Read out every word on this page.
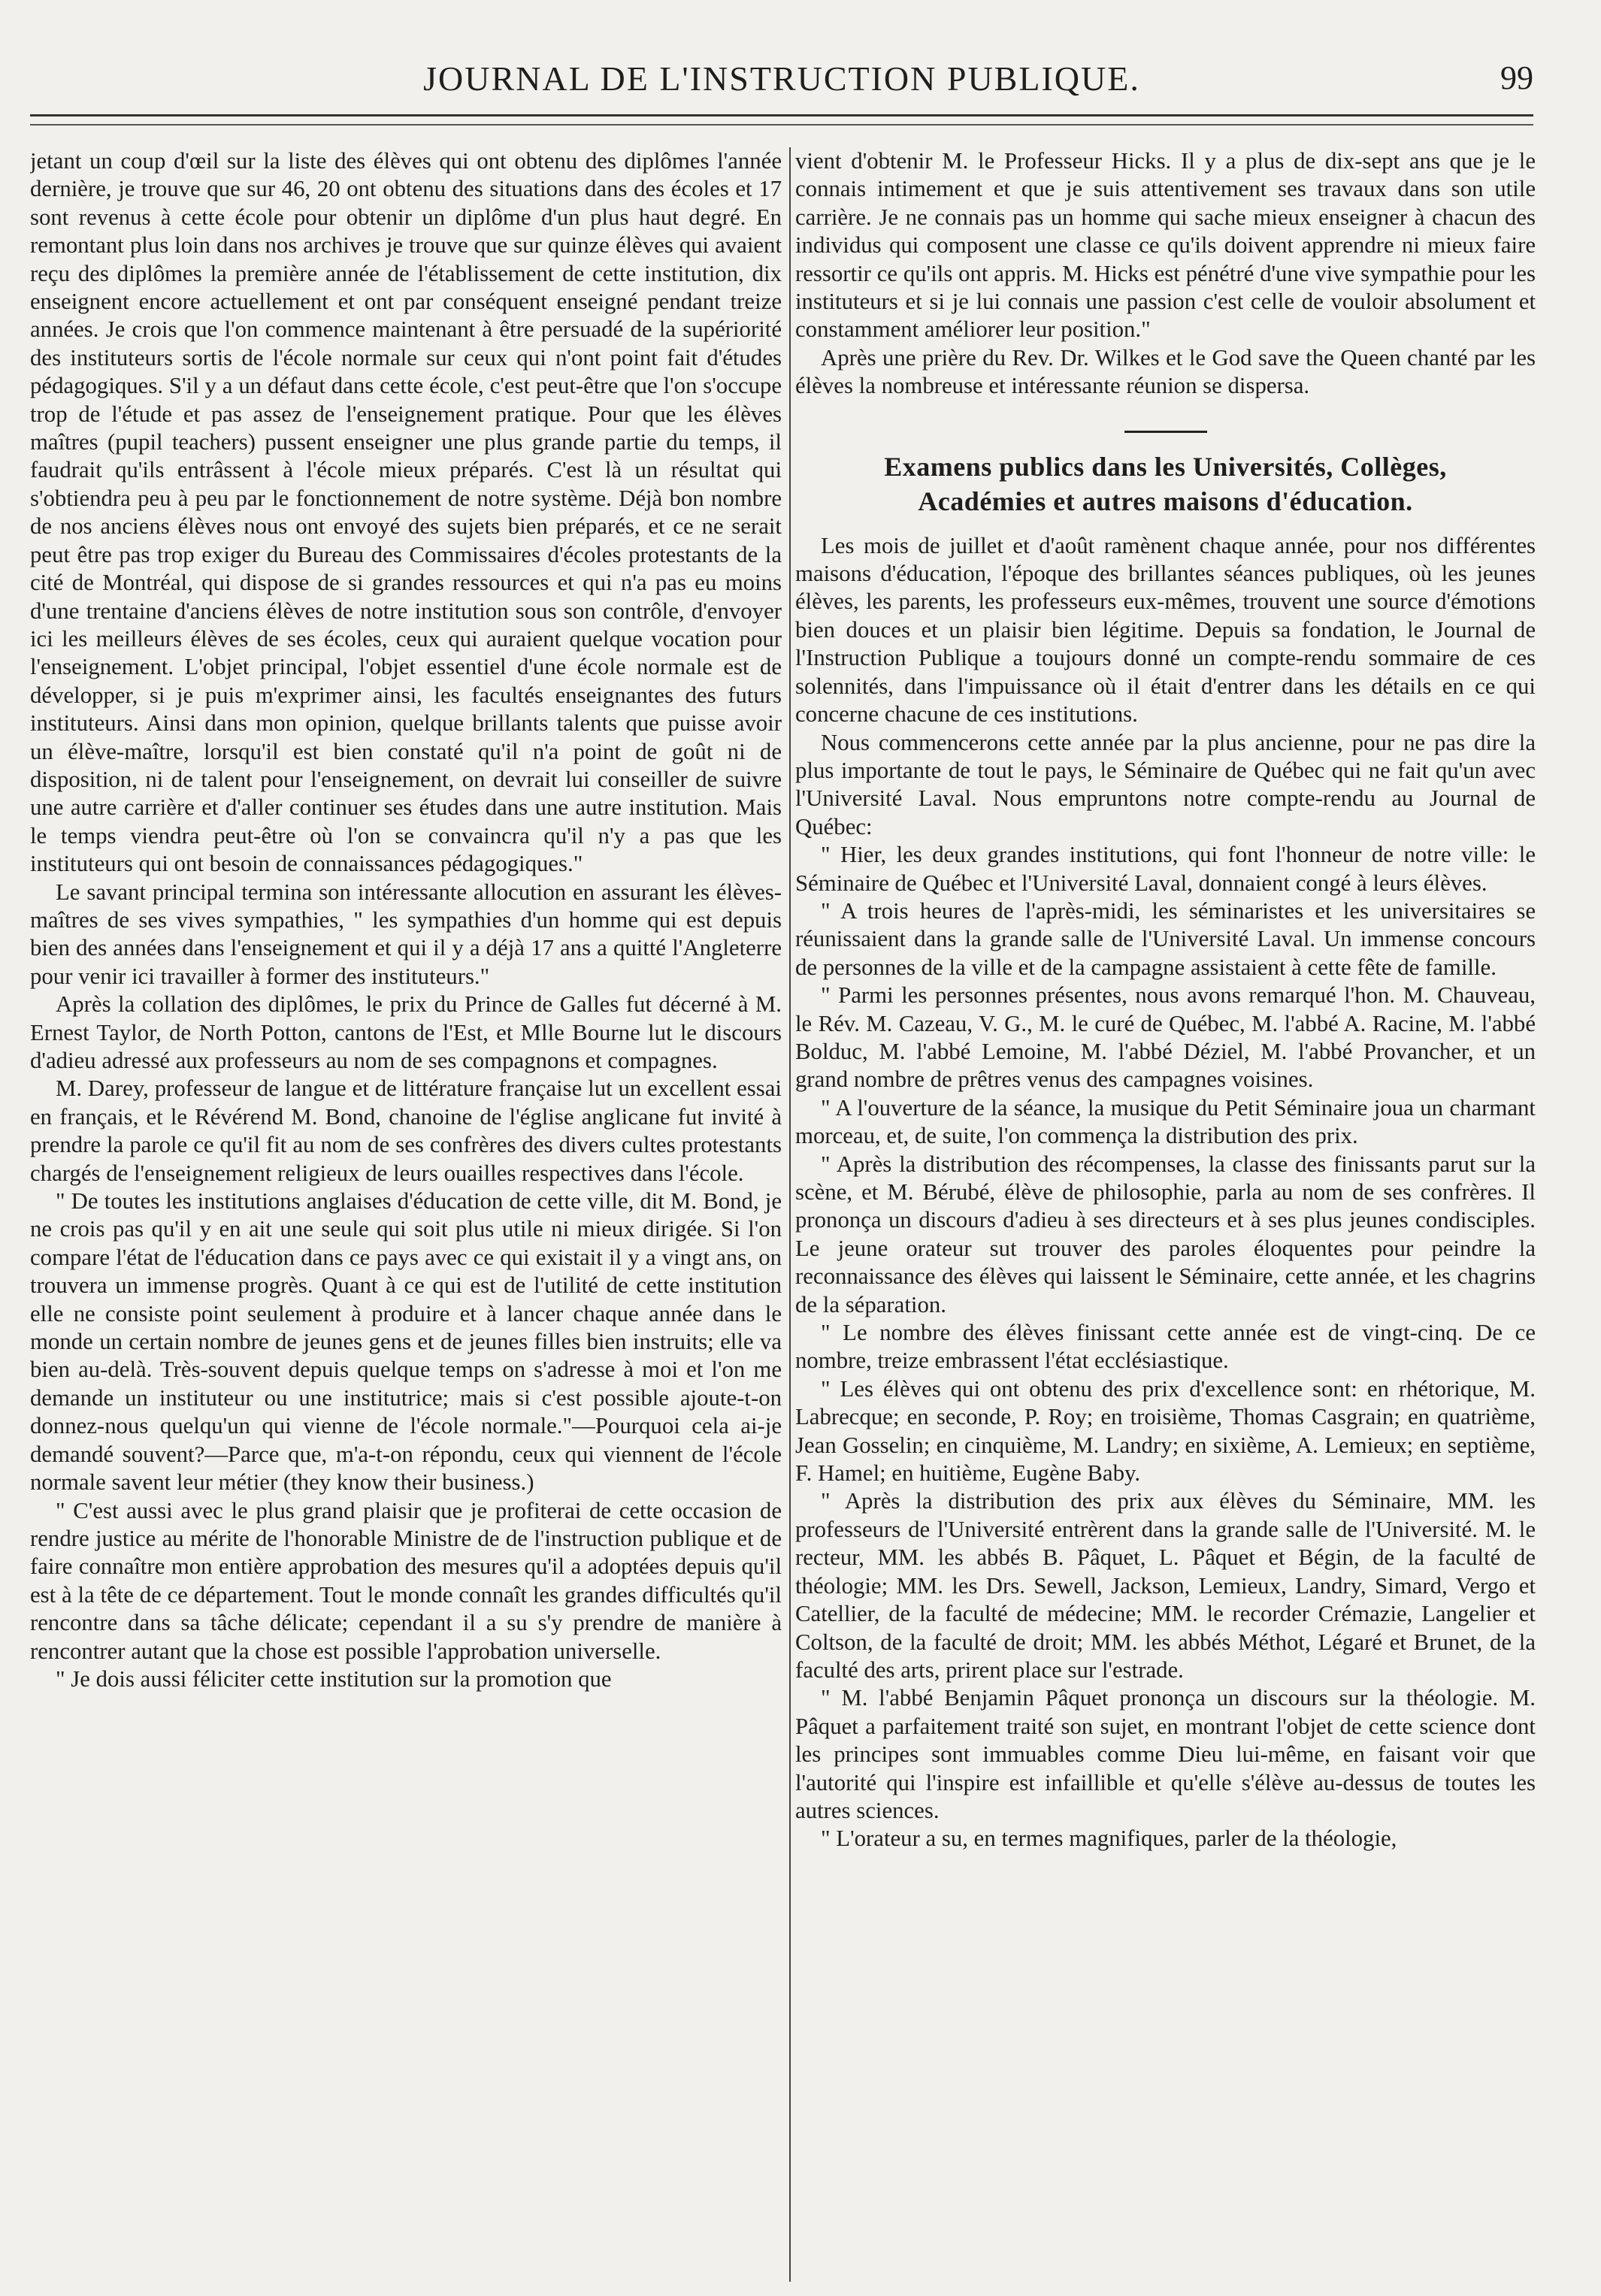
JOURNAL DE L'INSTRUCTION PUBLIQUE.	99

jetant un coup d'œil sur la liste des élèves qui ont obtenu des diplômes l'année dernière, je trouve que sur 46, 20 ont obtenu des situations dans des écoles et 17 sont revenus à cette école pour obtenir un diplôme d'un plus haut degré. En remontant plus loin dans nos archives je trouve que sur quinze élèves qui avaient reçu des diplômes la première année de l'établissement de cette institution, dix enseignent encore actuellement et ont par conséquent enseigné pendant treize années. Je crois que l'on commence maintenant à être persuadé de la supériorité des instituteurs sortis de l'école normale sur ceux qui n'ont point fait d'études pédagogiques. S'il y a un défaut dans cette école, c'est peut-être que l'on s'occupe trop de l'étude et pas assez de l'enseignement pratique. Pour que les élèves maîtres (pupil teachers) pussent enseigner une plus grande partie du temps, il faudrait qu'ils entrâssent à l'école mieux préparés. C'est là un résultat qui s'obtiendra peu à peu par le fonctionnement de notre système. Déjà bon nombre de nos anciens élèves nous ont envoyé des sujets bien préparés, et ce ne serait peut être pas trop exiger du Bureau des Commissaires d'écoles protestants de la cité de Montréal, qui dispose de si grandes ressources et qui n'a pas eu moins d'une trentaine d'anciens élèves de notre institution sous son contrôle, d'envoyer ici les meilleurs élèves de ses écoles, ceux qui auraient quelque vocation pour l'enseignement. L'objet principal, l'objet essentiel d'une école normale est de développer, si je puis m'exprimer ainsi, les facultés enseignantes des futurs instituteurs. Ainsi dans mon opinion, quelque brillants talents que puisse avoir un élève-maître, lorsqu'il est bien constaté qu'il n'a point de goût ni de disposition, ni de talent pour l'enseignement, on devrait lui conseiller de suivre une autre carrière et d'aller continuer ses études dans une autre institution. Mais le temps viendra peut-être où l'on se convaincra qu'il n'y a pas que les instituteurs qui ont besoin de connaissances pédagogiques."

Le savant principal termina son intéressante allocution en assurant les élèves-maîtres de ses vives sympathies, " les sympathies d'un homme qui est depuis bien des années dans l'enseignement et qui il y a déjà 17 ans a quitté l'Angleterre pour venir ici travailler à former des instituteurs."

Après la collation des diplômes, le prix du Prince de Galles fut décerné à M. Ernest Taylor, de North Potton, cantons de l'Est, et Mlle Bourne lut le discours d'adieu adressé aux professeurs au nom de ses compagnons et compagnes.

M. Darey, professeur de langue et de littérature française lut un excellent essai en français, et le Révérend M. Bond, chanoine de l'église anglicane fut invité à prendre la parole ce qu'il fit au nom de ses confrères des divers cultes protestants chargés de l'enseignement religieux de leurs ouailles respectives dans l'école.

" De toutes les institutions anglaises d'éducation de cette ville, dit M. Bond, je ne crois pas qu'il y en ait une seule qui soit plus utile ni mieux dirigée. Si l'on compare l'état de l'éducation dans ce pays avec ce qui existait il y a vingt ans, on trouvera un immense progrès. Quant à ce qui est de l'utilité de cette institution elle ne consiste point seulement à produire et à lancer chaque année dans le monde un certain nombre de jeunes gens et de jeunes filles bien instruits; elle va bien au-delà. Très-souvent depuis quelque temps on s'adresse à moi et l'on me demande un instituteur ou une institutrice; mais si c'est possible ajoute-t-on donnez-nous quelqu'un qui vienne de l'école normale."—Pourquoi cela ai-je demandé souvent?—Parce que, m'a-t-on répondu, ceux qui viennent de l'école normale savent leur métier (they know their business.)

" C'est aussi avec le plus grand plaisir que je profiterai de cette occasion de rendre justice au mérite de l'honorable Ministre de de l'instruction publique et de faire connaître mon entière approbation des mesures qu'il a adoptées depuis qu'il est à la tête de ce département. Tout le monde connaît les grandes difficultés qu'il rencontre dans sa tâche délicate; cependant il a su s'y prendre de manière à rencontrer autant que la chose est possible l'approbation universelle.

" Je dois aussi féliciter cette institution sur la promotion que

vient d'obtenir M. le Professeur Hicks. Il y a plus de dix-sept ans que je le connais intimement et que je suis attentivement ses travaux dans son utile carrière. Je ne connais pas un homme qui sache mieux enseigner à chacun des individus qui composent une classe ce qu'ils doivent apprendre ni mieux faire ressortir ce qu'ils ont appris. M. Hicks est pénétré d'une vive sympathie pour les instituteurs et si je lui connais une passion c'est celle de vouloir absolument et constamment améliorer leur position."

Après une prière du Rev. Dr. Wilkes et le God save the Queen chanté par les élèves la nombreuse et intéressante réunion se dispersa.

Examens publics dans les Universités, Collèges,
Académies et autres maisons d'éducation.

Les mois de juillet et d'août ramènent chaque année, pour nos différentes maisons d'éducation, l'époque des brillantes séances publiques, où les jeunes élèves, les parents, les professeurs eux-mêmes, trouvent une source d'émotions bien douces et un plaisir bien légitime. Depuis sa fondation, le Journal de l'Instruction Publique a toujours donné un compte-rendu sommaire de ces solennités, dans l'impuissance où il était d'entrer dans les détails en ce qui concerne chacune de ces institutions.

Nous commencerons cette année par la plus ancienne, pour ne pas dire la plus importante de tout le pays, le Séminaire de Québec qui ne fait qu'un avec l'Université Laval. Nous empruntons notre compte-rendu au Journal de Québec:

" Hier, les deux grandes institutions, qui font l'honneur de notre ville: le Séminaire de Québec et l'Université Laval, donnaient congé à leurs élèves.

" A trois heures de l'après-midi, les séminaristes et les universitaires se réunissaient dans la grande salle de l'Université Laval. Un immense concours de personnes de la ville et de la campagne assistaient à cette fête de famille.

" Parmi les personnes présentes, nous avons remarqué l'hon. M. Chauveau, le Rév. M. Cazeau, V. G., M. le curé de Québec, M. l'abbé A. Racine, M. l'abbé Bolduc, M. l'abbé Lemoine, M. l'abbé Déziel, M. l'abbé Provancher, et un grand nombre de prêtres venus des campagnes voisines.

" A l'ouverture de la séance, la musique du Petit Séminaire joua un charmant morceau, et, de suite, l'on commença la distribution des prix.

" Après la distribution des récompenses, la classe des finissants parut sur la scène, et M. Bérubé, élève de philosophie, parla au nom de ses confrères. Il prononça un discours d'adieu à ses directeurs et à ses plus jeunes condisciples. Le jeune orateur sut trouver des paroles éloquentes pour peindre la reconnaissance des élèves qui laissent le Séminaire, cette année, et les chagrins de la séparation.

" Le nombre des élèves finissant cette année est de vingt-cinq. De ce nombre, treize embrassent l'état ecclésiastique.

" Les élèves qui ont obtenu des prix d'excellence sont: en rhétorique, M. Labrecque; en seconde, P. Roy; en troisième, Thomas Casgrain; en quatrième, Jean Gosselin; en cinquième, M. Landry; en sixième, A. Lemieux; en septième, F. Hamel; en huitième, Eugène Baby.

" Après la distribution des prix aux élèves du Séminaire, MM. les professeurs de l'Université entrèrent dans la grande salle de l'Université. M. le recteur, MM. les abbés B. Pâquet, L. Pâquet et Bégin, de la faculté de théologie; MM. les Drs. Sewell, Jackson, Lemieux, Landry, Simard, Vergo et Catellier, de la faculté de médecine; MM. le recorder Crémazie, Langelier et Coltson, de la faculté de droit; MM. les abbés Méthot, Légaré et Brunet, de la faculté des arts, prirent place sur l'estrade.

" M. l'abbé Benjamin Pâquet prononça un discours sur la théologie. M. Pâquet a parfaitement traité son sujet, en montrant l'objet de cette science dont les principes sont immuables comme Dieu lui-même, en faisant voir que l'autorité qui l'inspire est infaillible et qu'elle s'élève au-dessus de toutes les autres sciences.

" L'orateur a su, en termes magnifiques, parler de la théologie,
